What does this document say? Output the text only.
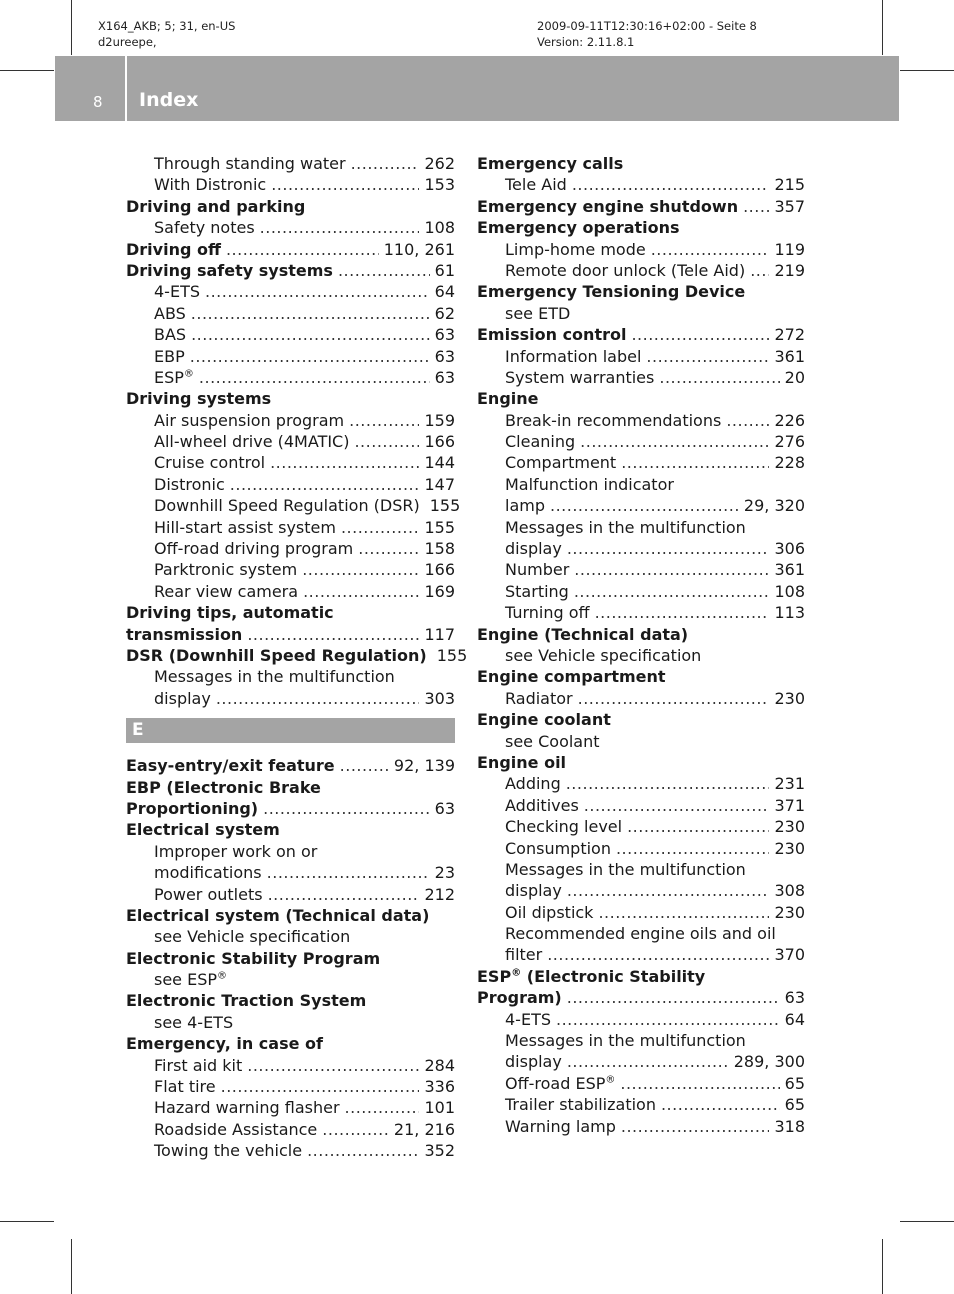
X164_AKB; 5; 31, en-US
d2ureepe,
2009-09-11T12:30:16+02:00 - Seite 8
Version: 2.11.8.1
8 Index
Through standing water .....	262
With Distronic .....	153
Driving and parking
Safety notes .....	108
Driving off .....	110, 261
Driving safety systems .....	61
4-ETS .....	64
ABS .....	62
BAS .....	63
EBP .....	63
ESP® .....	63
Driving systems
Air suspension program .....	159
All-wheel drive (4MATIC) .....	166
Cruise control .....	144
Distronic .....	147
Downhill Speed Regulation (DSR) 155
Hill-start assist system .....	155
Off-road driving program .....	158
Parktronic system .....	166
Rear view camera .....	169
Driving tips, automatic
transmission .....	117
DSR (Downhill Speed Regulation) 155
Messages in the multifunction
display .....	303
E
Easy-entry/exit feature .....	92, 139
EBP (Electronic Brake
Proportioning) .....	63
Electrical system
Improper work on or
modifications .....	23
Power outlets .....	212
Electrical system (Technical data)
see Vehicle specification
Electronic Stability Program
see ESP®
Electronic Traction System
see 4-ETS
Emergency, in case of
First aid kit .....	284
Flat tire .....	336
Hazard warning flasher .....	101
Roadside Assistance .....	21, 216
Towing the vehicle .....	352
Emergency calls
Tele Aid .....	215
Emergency engine shutdown ..... 357
Emergency operations
Limp-home mode .....	119
Remote door unlock (Tele Aid) ..... 219
Emergency Tensioning Device
see ETD
Emission control .....	272
Information label .....	361
System warranties .....	20
Engine
Break-in recommendations .....	226
Cleaning .....	276
Compartment .....	228
Malfunction indicator
lamp .....	29, 320
Messages in the multifunction
display .....	306
Number .....	361
Starting .....	108
Turning off .....	113
Engine (Technical data)
see Vehicle specification
Engine compartment
Radiator .....	230
Engine coolant
see Coolant
Engine oil
Adding .....	231
Additives .....	371
Checking level .....	230
Consumption .....	230
Messages in the multifunction
display .....	308
Oil dipstick .....	230
Recommended engine oils and oil
filter .....	370
ESP® (Electronic Stability
Program) .....	63
4-ETS .....	64
Messages in the multifunction
display .....	289, 300
Off-road ESP® .....	65
Trailer stabilization .....	65
Warning lamp .....	318
